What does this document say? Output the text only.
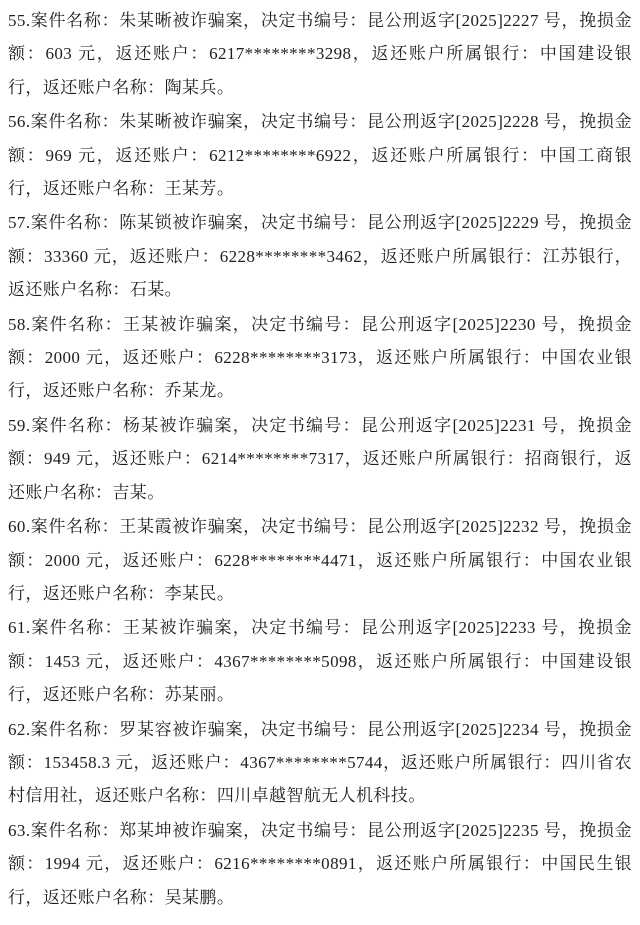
55.案件名称：朱某晰被诈骗案，决定书编号：昆公刑返字[2025]2227 号，挽损金额：603 元，返还账户：6217********3298，返还账户所属银行：中国建设银行，返还账户名称：陶某兵。

56.案件名称：朱某晰被诈骗案，决定书编号：昆公刑返字[2025]2228 号，挽损金额：969 元，返还账户：6212********6922，返还账户所属银行：中国工商银行，返还账户名称：王某芳。

57.案件名称：陈某锁被诈骗案，决定书编号：昆公刑返字[2025]2229 号，挽损金额：33360 元，返还账户：6228********3462，返还账户所属银行：江苏银行，返还账户名称：石某。

58.案件名称：王某被诈骗案，决定书编号：昆公刑返字[2025]2230 号，挽损金额：2000 元，返还账户：6228********3173，返还账户所属银行：中国农业银行，返还账户名称：乔某龙。

59.案件名称：杨某被诈骗案，决定书编号：昆公刑返字[2025]2231 号，挽损金额：949 元，返还账户：6214********7317，返还账户所属银行：招商银行，返还账户名称：吉某。

60.案件名称：王某霞被诈骗案，决定书编号：昆公刑返字[2025]2232 号，挽损金额：2000 元，返还账户：6228********4471，返还账户所属银行：中国农业银行，返还账户名称：李某民。

61.案件名称：王某被诈骗案，决定书编号：昆公刑返字[2025]2233 号，挽损金额：1453 元，返还账户：4367********5098，返还账户所属银行：中国建设银行，返还账户名称：苏某丽。

62.案件名称：罗某容被诈骗案，决定书编号：昆公刑返字[2025]2234 号，挽损金额：153458.3 元，返还账户：4367********5744，返还账户所属银行：四川省农村信用社，返还账户名称：四川卓越智航无人机科技。

63.案件名称：郑某坤被诈骗案，决定书编号：昆公刑返字[2025]2235 号，挽损金额：1994 元，返还账户：6216********0891，返还账户所属银行：中国民生银行，返还账户名称：吴某鹏。
